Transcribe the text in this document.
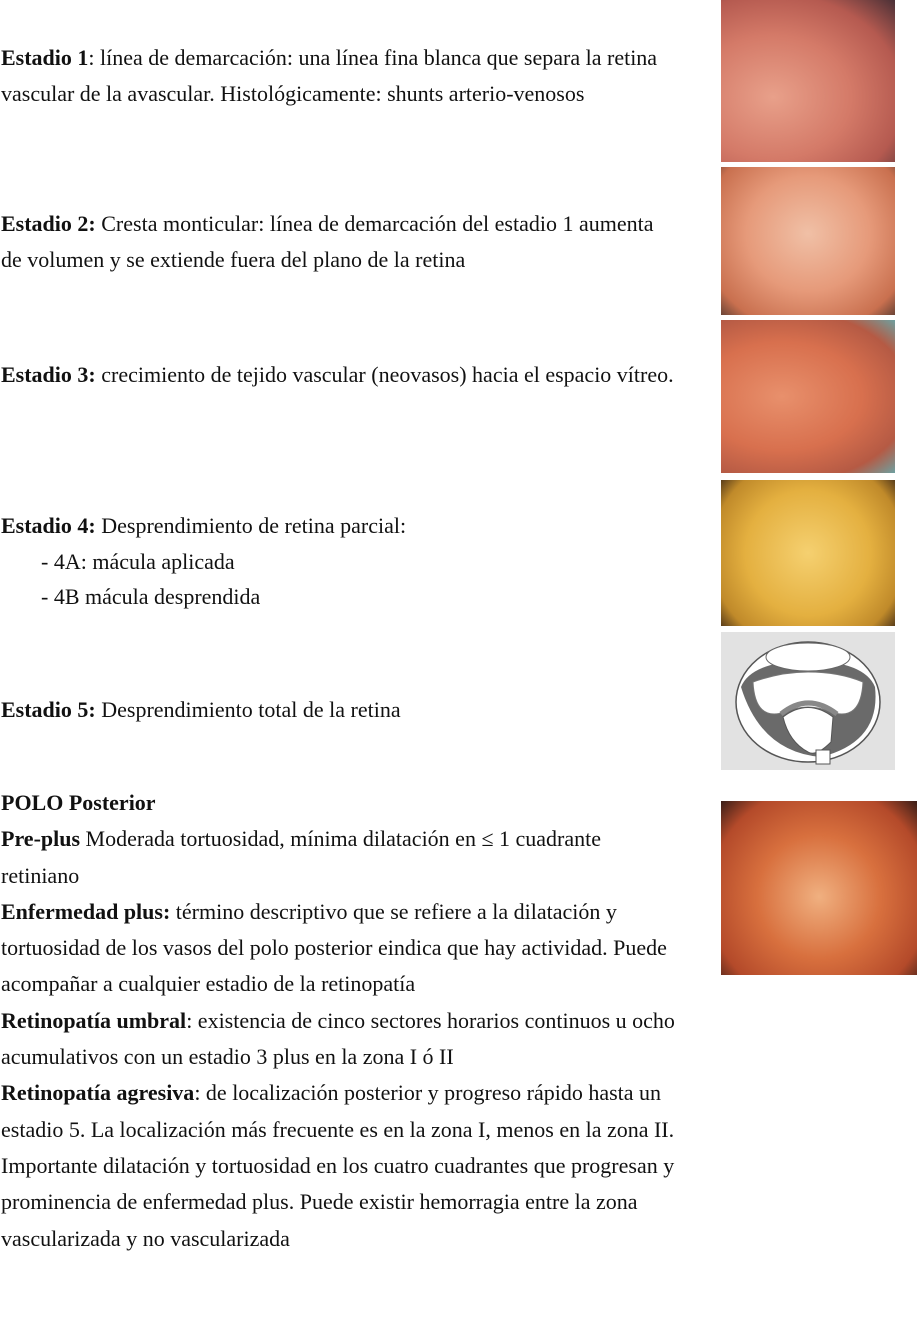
Estadio 1: línea de demarcación: una línea fina blanca que separa la retina vascular de la avascular. Histológicamente: shunts arterio-venosos

Estadio 2: Cresta monticular: línea de demarcación del estadio 1 aumenta de volumen y se extiende fuera del plano de la retina

Estadio 3: crecimiento de tejido vascular (neovasos) hacia el espacio vítreo.

Estadio 4: Desprendimiento de retina parcial:
- 4A: mácula aplicada
- 4B mácula desprendida

Estadio 5: Desprendimiento total de la retina

POLO Posterior
Pre-plus Moderada tortuosidad, mínima dilatación en ≤ 1 cuadrante retiniano
Enfermedad plus: término descriptivo que se refiere a la dilatación y tortuosidad de los vasos del polo posterior eindica que hay actividad. Puede acompañar a cualquier estadio de la retinopatía
Retinopatía umbral: existencia de cinco sectores horarios continuos u ocho acumulativos con un estadio 3 plus en la zona I ó II
Retinopatía agresiva: de localización posterior y progreso rápido hasta un estadio 5. La localización más frecuente es en la zona I, menos en la zona II. Importante dilatación y tortuosidad en los cuatro cuadrantes que progresan y prominencia de enfermedad plus. Puede existir hemorragia entre la zona vascularizada y no vascularizada
